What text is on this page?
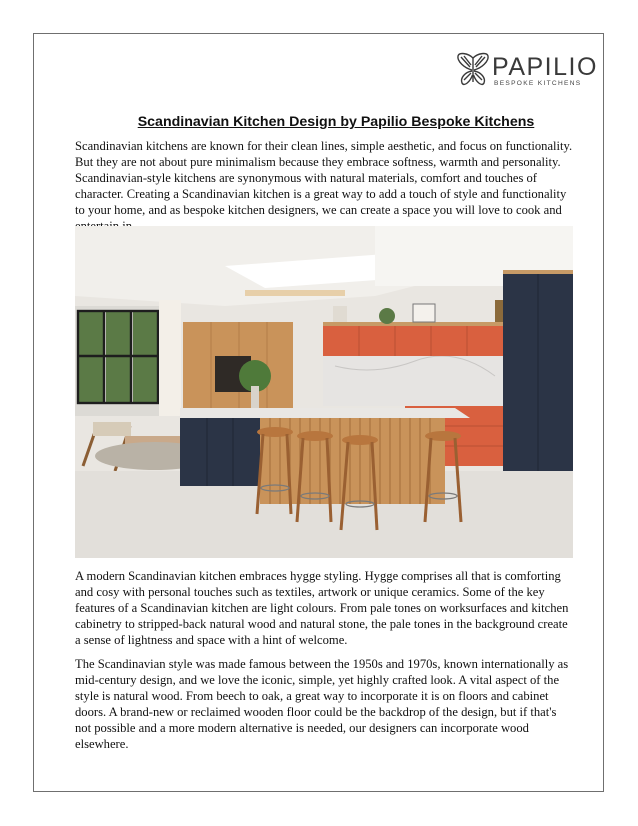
PAPILIO
BESPOKE KITCHENS
Scandinavian Kitchen Design by Papilio Bespoke Kitchens

Scandinavian kitchens are known for their clean lines, simple aesthetic, and focus on functionality. But they are not about pure minimalism because they embrace softness, warmth and personality. Scandinavian-style kitchens are synonymous with natural materials, comfort and touches of character. Creating a Scandinavian kitchen is a great way to add a touch of style and functionality to your home, and as bespoke kitchen designers, we can create a space you will love to cook and

A modern Scandinavian kitchen embraces hygge styling. Hygge comprises all that is comforting and cosy with personal touches such as textiles, artwork or unique ceramics. Some of the key features of a Scandinavian kitchen are light colours. From pale tones on worksurfaces and kitchen cabinetry to stripped-back natural wood and natural stone, the pale tones in the background create a sense of lightness and space with a hint of welcome.

The Scandinavian style was made famous between the 1950s and 1970s, known internationally as mid-century design, and we love the iconic, simple, yet highly crafted look. A vital aspect of the style is natural wood. From beech to oak, a great way to incorporate it is on floors and cabinet doors. A brand-new or reclaimed wooden floor could be the backdrop of the design, but if that's not possible and a more modern alternative is needed, our designers can incorporate wood elsewhere.
